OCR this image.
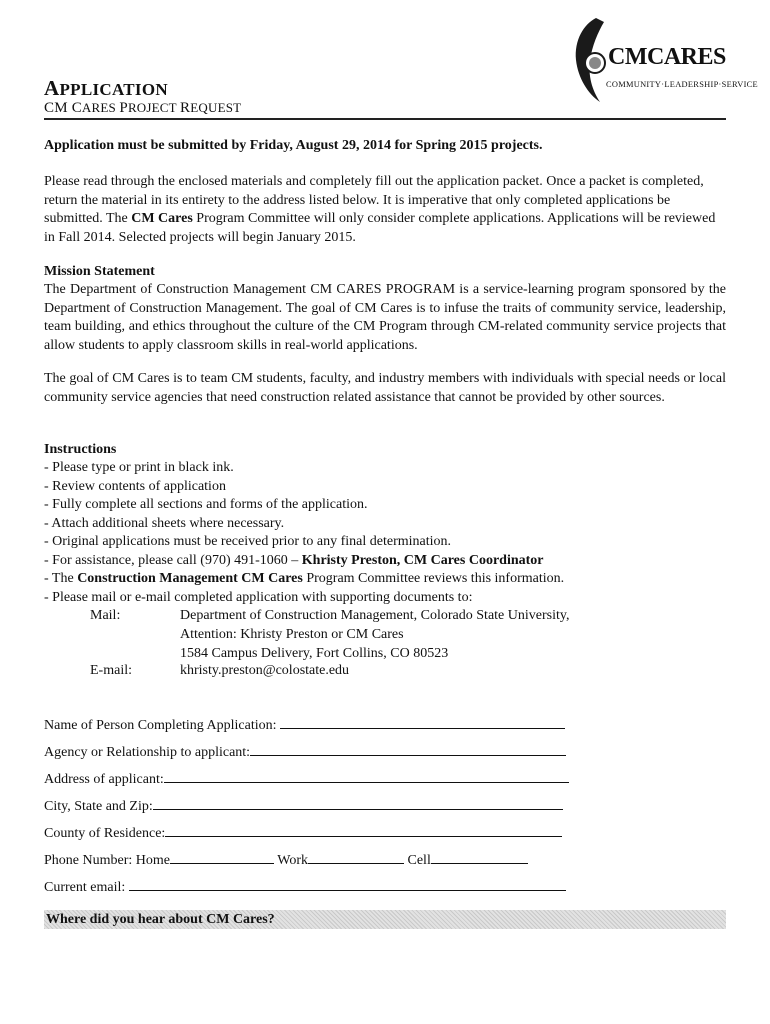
CMCARES
COMMUNITY·LEADERSHIP·SERVICE
APPLICATION
CM CARES PROJECT REQUEST
Application must be submitted by Friday, August 29, 2014 for Spring 2015 projects.
Please read through the enclosed materials and completely fill out the application packet. Once a packet is completed, return the material in its entirety to the address listed below. It is imperative that only completed applications be submitted. The CM Cares Program Committee will only consider complete applications. Applications will be reviewed in Fall 2014. Selected projects will begin January 2015.
Mission Statement
The Department of Construction Management CM CARES PROGRAM is a service-learning program sponsored by the Department of Construction Management. The goal of CM Cares is to infuse the traits of community service, leadership, team building, and ethics throughout the culture of the CM Program through CM-related community service projects that allow students to apply classroom skills in real-world applications.
The goal of CM Cares is to team CM students, faculty, and industry members with individuals with special needs or local community service agencies that need construction related assistance that cannot be provided by other sources.
Instructions
- Please type or print in black ink.
- Review contents of application
- Fully complete all sections and forms of the application.
- Attach additional sheets where necessary.
- Original applications must be received prior to any final determination.
- For assistance, please call (970) 491-1060 – Khristy Preston, CM Cares Coordinator
- The Construction Management CM Cares Program Committee reviews this information.
- Please mail or e-mail completed application with supporting documents to:
Mail:	Department of Construction Management, Colorado State University,
Attention: Khristy Preston or CM Cares
1584 Campus Delivery, Fort Collins, CO 80523
E-mail:	khristy.preston@colostate.edu
Name of Person Completing Application:
Agency or Relationship to applicant:
Address of applicant:
City, State and Zip:
County of Residence:
Phone Number: Home	Work	Cell
Current email:
Where did you hear about CM Cares?
